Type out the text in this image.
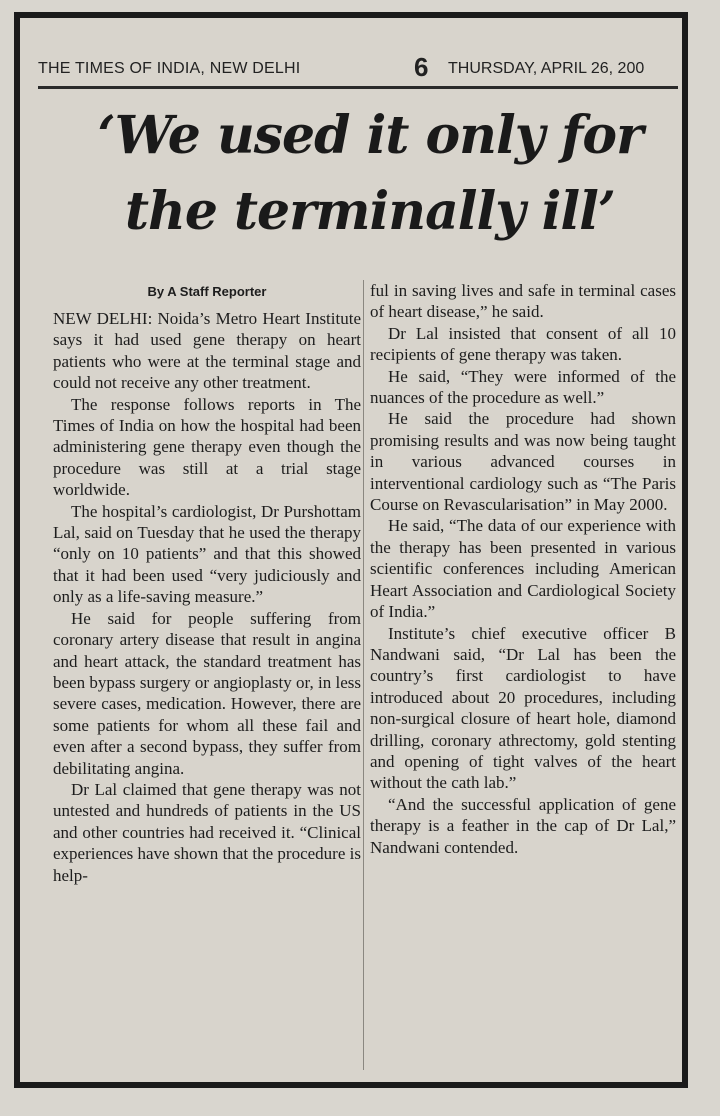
THE TIMES OF INDIA, NEW DELHI	6 THURSDAY, APRIL 26, 200
‘We used it only for
the terminally ill’
By A Staff Reporter

NEW DELHI: Noida’s Metro Heart Institute says it had used gene therapy on heart patients who were at the terminal stage and could not receive any other treatment.

The response follows reports in The Times of India on how the hospital had been administering gene therapy even though the procedure was still at a trial stage worldwide.

The hospital’s cardiologist, Dr Purshottam Lal, said on Tuesday that he used the therapy “only on 10 patients” and that this showed that it had been used “very judiciously and only as a life-saving measure.”

He said for people suffering from coronary artery disease that result in angina and heart attack, the standard treatment has been bypass surgery or angioplasty or, in less severe cases, medication. However, there are some patients for whom all these fail and even after a second bypass, they suffer from debilitating angina.

Dr Lal claimed that gene therapy was not untested and hundreds of patients in the US and other countries had received it. “Clinical experiences have shown that the procedure is help-

ful in saving lives and safe in terminal cases of heart disease,” he said.

Dr Lal insisted that consent of all 10 recipients of gene therapy was taken.

He said, “They were informed of the nuances of the procedure as well.”

He said the procedure had shown promising results and was now being taught in various advanced courses in interventional cardiology such as “The Paris Course on Revascularisation” in May 2000.

He said, “The data of our experience with the therapy has been presented in various scientific conferences including American Heart Association and Cardiological Society of India.”

Institute’s chief executive officer B Nandwani said, “Dr Lal has been the country’s first cardiologist to have introduced about 20 procedures, including non-surgical closure of heart hole, diamond drilling, coronary athrectomy, gold stenting and opening of tight valves of the heart without the cath lab.”

“And the successful application of gene therapy is a feather in the cap of Dr Lal,” Nandwani contended.
